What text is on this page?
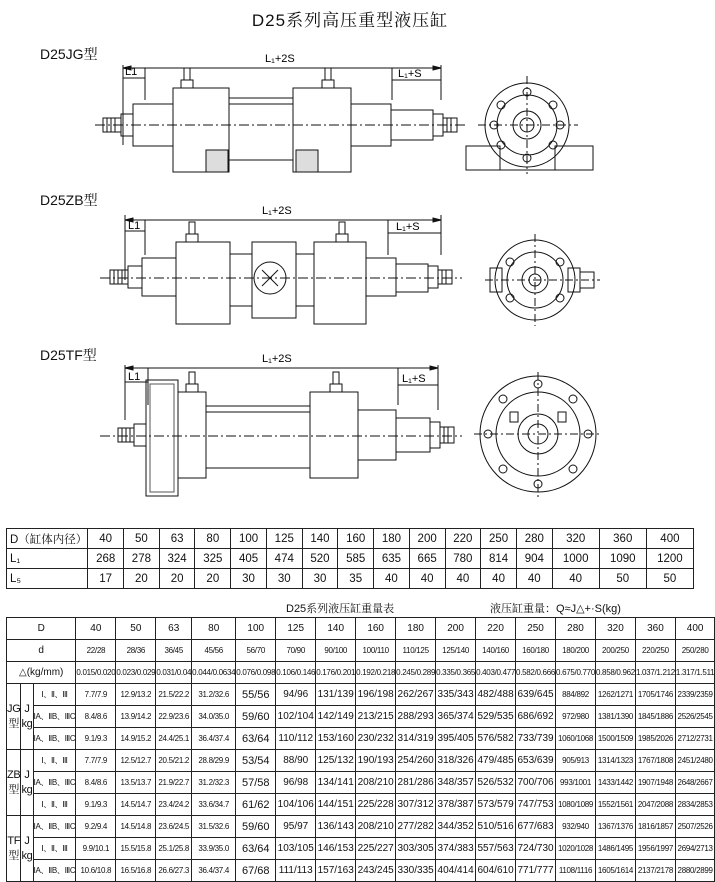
D25系列高压重型液压缸
D25JG型	L₁+2S
L1	L₁+S
D25ZB型
L₁+2S
L1	L₁+S
D25TF型	L₁+2S
L1	L₁+S
D（缸体内径）	40	50	63	80	100	125	140	160	180	200	220	250	280	320	360	400
L₁	268	278	324	325	405	474	520	585	635	665	780	814	904	1000	1090	1200
L₅	17	20	20	20	30	30	30	35	40	40	40	40	40	40	50	50
D25系列液压缸重量表	液压缸重量：Q≈J△+·S(kg)
D			40	50	63	80	100	125	140	160	180	200	220	250	280	320	360	400
d			22/28	28/36	36/45	45/56	56/70	70/90	90/100	100/110	110/125	125/140	140/160	160/180	180/200	200/250	220/250	250/280
△(kg/mm)			0.015/0.020	0.023/0.029	0.031/0.04	0.044/0.0634	0.076/0.098	0.106/0.146	0.176/0.201	0.192/0.218	0.245/0.289	0.335/0.365	0.403/0.477	0.582/0.666	0.675/0.770	0.858/0.962	1.037/1.212	1.317/1.511
JG
型	J
kg	Ⅰ、Ⅱ、Ⅲ	7.7/7.9	12.9/13.2	21.5/22.2	31.2/32.6	55/56	94/96	131/139	196/198	262/267	335/343	482/488	639/645	884/892	1262/1271	1705/1746	2339/2359
		ⅠA、ⅡB、ⅢC	8.4/8.6	13.9/14.2	22.9/23.6	34.0/35.0	59/60	102/104	142/149	213/215	288/293	365/374	529/535	686/692	972/980	1381/1390	1845/1886	2526/2545
		ⅠA、ⅡB、ⅢC	9.1/9.3	14.9/15.2	24.4/25.1	36.4/37.4	63/64	110/112	153/160	230/232	314/319	395/405	576/582	733/739	1060/1068	1500/1509	1985/2026	2712/2731
ZB
型	J
kg	Ⅰ、Ⅱ、Ⅲ	7.7/7.9	12.5/12.7	20.5/21.2	28.8/29.9	53/54	88/90	125/132	190/193	254/260	318/326	479/485	653/639	905/913	1314/1323	1767/1808	2451/2480
		ⅠA、ⅡB、ⅢC	8.4/8.6	13.5/13.7	21.9/22.7	31.2/32.3	57/58	96/98	134/141	208/210	281/286	348/357	526/532	700/706	993/1001	1433/1442	1907/1948	2648/2667
		Ⅰ、Ⅱ、Ⅲ	9.1/9.3	14.5/14.7	23.4/24.2	33.6/34.7	61/62	104/106	144/151	225/228	307/312	378/387	573/579	747/753	1080/1089	1552/1561	2047/2088	2834/2853
TF
型	J
kg	ⅠA、ⅡB、ⅢC	9.2/9.4	14.5/14.8	23.6/24.5	31.5/32.6	59/60	95/97	136/143	208/210	277/282	344/352	510/516	677/683	932/940	1367/1376	1816/1857	2507/2526
		Ⅰ、Ⅱ、Ⅲ	9.9/10.1	15.5/15.8	25.1/25.8	33.9/35.0	63/64	103/105	146/153	225/227	303/305	374/383	557/563	724/730	1020/1028	1486/1495	1956/1997	2694/2713
		ⅠA、ⅡB、ⅢC	10.6/10.8	16.5/16.8	26.6/27.3	36.4/37.4	67/68	111/113	157/163	243/245	330/335	404/414	604/610	771/777	1108/1116	1605/1614	2137/2178	2880/2899
